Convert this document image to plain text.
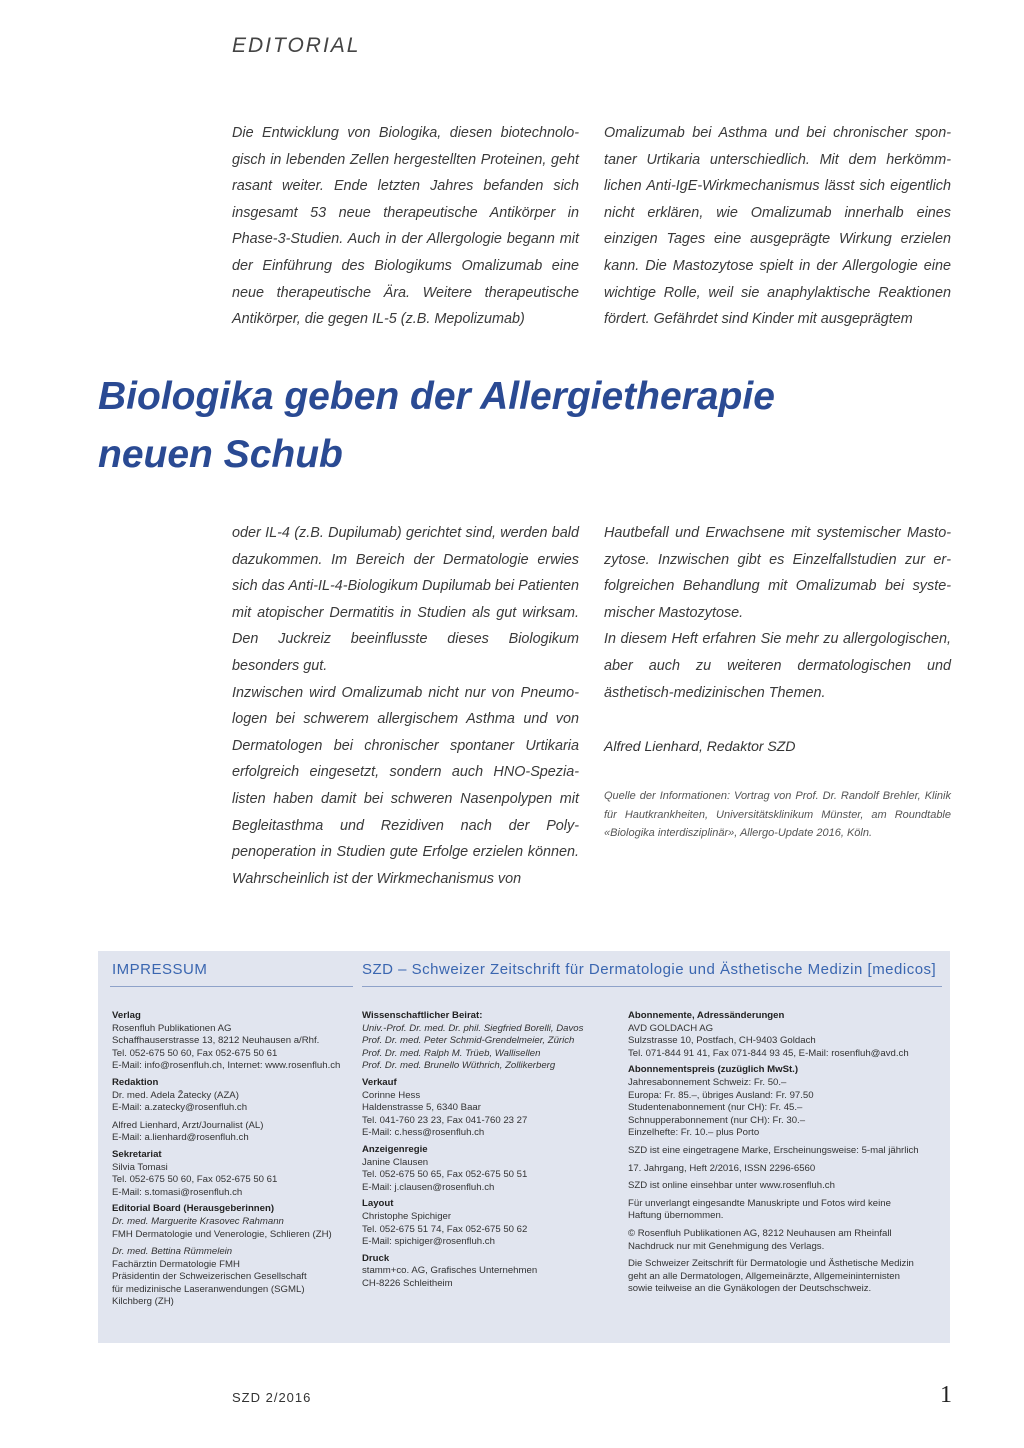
EDITORIAL

Die Entwicklung von Biologika, diesen biotechnologisch in lebenden Zellen hergestellten Proteinen, geht rasant weiter. Ende letzten Jahres befanden sich insgesamt 53 neue therapeutische Antikörper in Phase-3-Studien. Auch in der Allergologie begann mit der Einführung des Biologikums Omalizumab eine neue therapeutische Ära. Weitere therapeutische Antikörper, die gegen IL-5 (z.B. Mepolizumab)

Omalizumab bei Asthma und bei chronischer spontaner Urtikaria unterschiedlich. Mit dem herkömmlichen Anti-IgE-Wirkmechanismus lässt sich eigentlich nicht erklären, wie Omalizumab innerhalb eines einzigen Tages eine ausgeprägte Wirkung erzielen kann. Die Mastozytose spielt in der Allergologie eine wichtige Rolle, weil sie anaphylaktische Reaktionen fördert. Gefährdet sind Kinder mit ausgeprägtem

Biologika geben der Allergietherapie
neuen Schub

oder IL-4 (z.B. Dupilumab) gerichtet sind, werden bald dazukommen. Im Bereich der Dermatologie erwies sich das Anti-IL-4-Biologikum Dupilumab bei Patienten mit atopischer Dermatitis in Studien als gut wirksam. Den Juckreiz beeinflusste dieses Biologikum besonders gut.

Inzwischen wird Omalizumab nicht nur von Pneumologen bei schwerem allergischem Asthma und von Dermatologen bei chronischer spontaner Urtikaria erfolgreich eingesetzt, sondern auch HNO-Spezialisten haben damit bei schweren Nasenpolypen mit Begleitasthma und Rezidiven nach der Polypenoperation in Studien gute Erfolge erzielen können. Wahrscheinlich ist der Wirkmechanismus von

Hautbefall und Erwachsene mit systemischer Mastozytose. Inzwischen gibt es Einzelfallstudien zur erfolgreichen Behandlung mit Omalizumab bei systemischer Mastozytose.

In diesem Heft erfahren Sie mehr zu allergologischen, aber auch zu weiteren dermatologischen und ästhetisch-medizinischen Themen.

Alfred Lienhard, Redaktor SZD
Quelle der Informationen: Vortrag von Prof. Dr. Randolf Brehler, Klinik für Hautkrankheiten, Universitätsklinikum Münster, am Roundtable «Biologika interdisziplinär», Allergo-Update 2016, Köln.
IMPRESSUM	SZD – Schweizer Zeitschrift für Dermatologie und Ästhetische Medizin [medicos]
Verlag
Rosenfluh Publikationen AG
Schaffhauserstrasse 13, 8212 Neuhausen a/Rhf.
Tel. 052-675 50 60, Fax 052-675 50 61
E-Mail: info@rosenfluh.ch, Internet: www.rosenfluh.ch
Redaktion
Dr. med. Adela Žatecky (AZA)
E-Mail: a.zatecky@rosenfluh.ch
Alfred Lienhard, Arzt/Journalist (AL)
E-Mail: a.lienhard@rosenfluh.ch
Sekretariat
Silvia Tomasi
Tel. 052-675 50 60, Fax 052-675 50 61
E-Mail: s.tomasi@rosenfluh.ch
Editorial Board (Herausgeberinnen)
Dr. med. Marguerite Krasovec Rahmann
FMH Dermatologie und Venerologie, Schlieren (ZH)
Dr. med. Bettina Rümmelein
Fachärztin Dermatologie FMH
Präsidentin der Schweizerischen Gesellschaft
für medizinische Laseranwendungen (SGML)
Kilchberg (ZH)
Wissenschaftlicher Beirat:
Univ.-Prof. Dr. med. Dr. phil. Siegfried Borelli, Davos
Prof. Dr. med. Peter Schmid-Grendelmeier, Zürich
Prof. Dr. med. Ralph M. Trüeb, Wallisellen
Prof. Dr. med. Brunello Wüthrich, Zollikerberg
Verkauf
Corinne Hess
Haldenstrasse 5, 6340 Baar
Tel. 041-760 23 23, Fax 041-760 23 27
E-Mail: c.hess@rosenfluh.ch
Anzeigenregie
Janine Clausen
Tel. 052-675 50 65, Fax 052-675 50 51
E-Mail: j.clausen@rosenfluh.ch
Layout
Christophe Spichiger
Tel. 052-675 51 74, Fax 052-675 50 62
E-Mail: spichiger@rosenfluh.ch
Druck
stamm+co. AG, Grafisches Unternehmen
CH-8226 Schleitheim
Abonnemente, Adressänderungen
AVD GOLDACH AG
Sulzstrasse 10, Postfach, CH-9403 Goldach
Tel. 071-844 91 41, Fax 071-844 93 45, E-Mail: rosenfluh@avd.ch
Abonnementspreis (zuzüglich MwSt.)
Jahresabonnement Schweiz: Fr. 50.–
Europa: Fr. 85.–, übriges Ausland: Fr. 97.50
Studentenabonnement (nur CH): Fr. 45.–
Schnupperabonnement (nur CH): Fr. 30.–
Einzelhefte: Fr. 10.– plus Porto
SZD ist eine eingetragene Marke, Erscheinungsweise: 5-mal jährlich
17. Jahrgang, Heft 2/2016, ISSN 2296-6560
SZD ist online einsehbar unter www.rosenfluh.ch
Für unverlangt eingesandte Manuskripte und Fotos wird keine
Haftung übernommen.
© Rosenfluh Publikationen AG, 8212 Neuhausen am Rheinfall
Nachdruck nur mit Genehmigung des Verlags.
Die Schweizer Zeitschrift für Dermatologie und Ästhetische Medizin
geht an alle Dermatologen, Allgemeinärzte, Allgemeininternisten
sowie teilweise an die Gynäkologen der Deutschschweiz.
SZD 2/2016	1
